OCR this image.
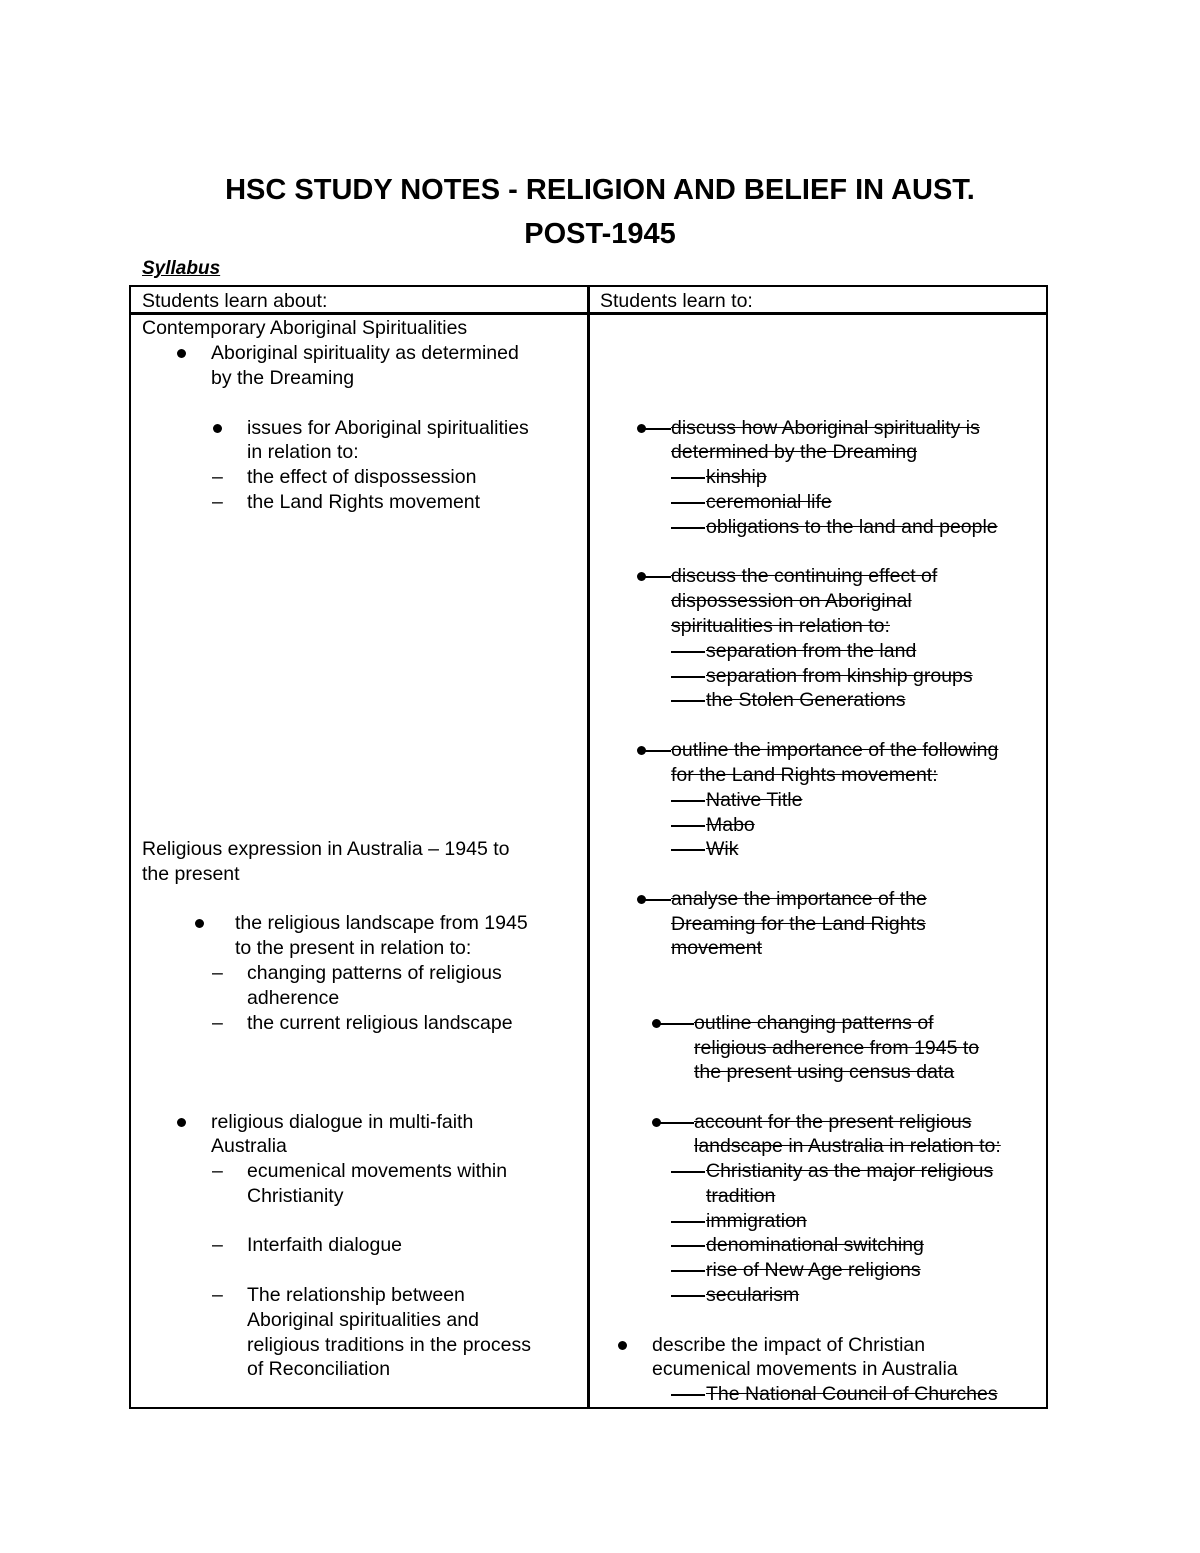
HSC STUDY NOTES - RELIGION AND BELIEF IN AUST.
POST-1945
Syllabus
Students learn about:	Students learn to:
Contemporary Aboriginal Spiritualities
Aboriginal spirituality as determined
by the Dreaming
issues for Aboriginal spiritualities
in relation to:
– the effect of dispossession
– the Land Rights movement
Religious expression in Australia – 1945 to
the present
the religious landscape from 1945
to the present in relation to:
– changing patterns of religious
adherence
– the current religious landscape
religious dialogue in multi-faith
Australia
– ecumenical movements within
Christianity
– Interfaith dialogue
– The relationship between
Aboriginal spiritualities and
religious traditions in the process
of Reconciliation
discuss how Aboriginal spirituality is
determined by the Dreaming
kinship
ceremonial life
obligations to the land and people
discuss the continuing effect of
dispossession on Aboriginal
spiritualities in relation to:
separation from the land
separation from kinship groups
the Stolen Generations
outline the importance of the following
for the Land Rights movement:
Native Title
Mabo
Wik
analyse the importance of the
Dreaming for the Land Rights
movement
outline changing patterns of
religious adherence from 1945 to
the present using census data
account for the present religious
landscape in Australia in relation to:
Christianity as the major religious
tradition
immigration
denominational switching
rise of New Age religions
secularism
describe the impact of Christian
ecumenical movements in Australia
The National Council of Churches
